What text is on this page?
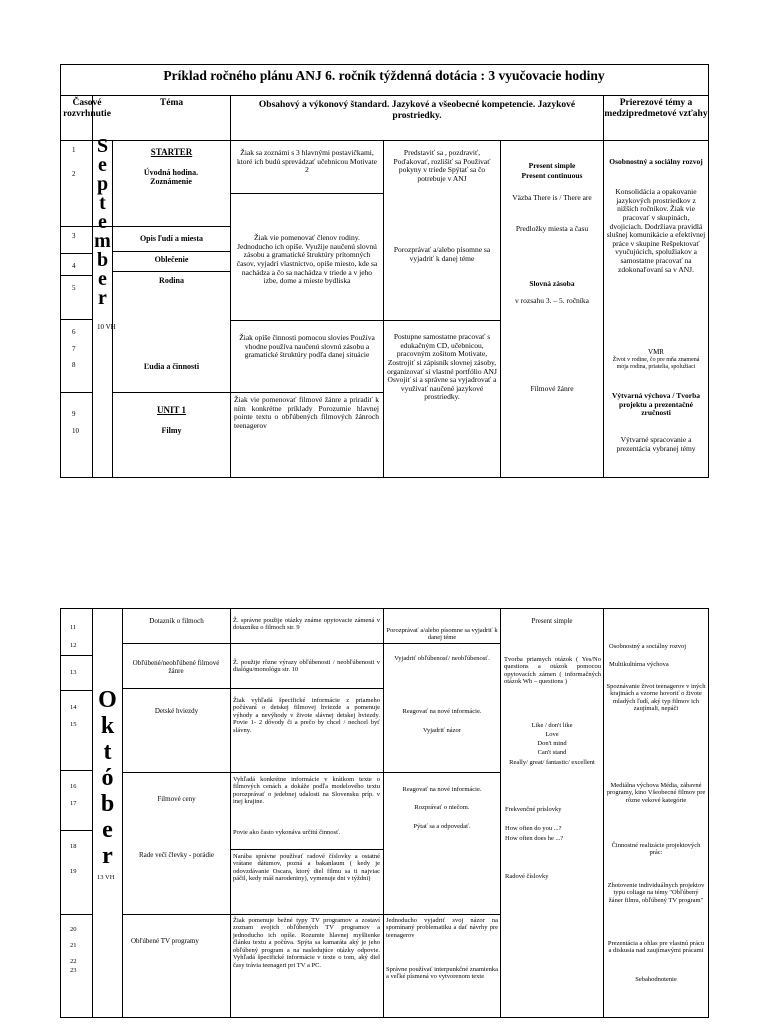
Príklad ročného plánu ANJ 6. ročník týždenná dotácia : 3 vyučovacie hodiny
Časové rozvrhnutie
Téma	Obsahový a výkonový štandard. Jazykové a všeobecné kompetencie. Jazykové prostriedky.
Prierezové témy a medzipredmetové vzťahy
1
2
3
4
5
6
7
8
9
10
S
e
p
t
e
m
b
e
r
10 VH
STARTER
Úvodná hodina. Zoznámenie
Opis ľudí a miesta
Oblečenie
Rodina
Ľudia a činnosti
UNIT 1
Filmy
Žiak sa zoznámi s 3 hlavnými postavičkami, ktoré ich budú sprevádzať učebnicou Motivate 2
Žiak vie pomenovať členov rodiny. Jednoducho ich opíše. Využije naučenú slovnú zásobu a gramatické štruktúry prítomných časov, vyjadrí vlastníctvo, opíše miesto, kde sa nachádza a čo sa nachádza v triede a v jeho izbe, dome a mieste bydliska
Žiak opíše činnosti pomocou slovies Používa vhodne používa naučenú slovnú zásobu a gramatické štruktúry podľa danej situácie
Žiak vie pomenovať filmové žánre a priradiť k ním konkrétne príklady Porozumie hlavnej pointe textu o obľúbených filmových žánroch teenagerov
Predstaviť sa , pozdraviť, Poďakovať, rozlišiť sa Použivať pokyny v triede Spýtať sa čo potrebuje v ANJ
Porozprávať a/alebo písomne sa vyjadriť k danej téme
Postupne samostatne pracovať s edukačným CD, učebnicou, pracovným zošitom Motivate, Zostrojiť si zápisník slovnej zásoby, organizovať si vlastné portfólio ANJ Osvojiť si a správne sa vyjadrovať a využívať naučené jazykové prostriedky.
Present simple
Present continuous
Väzba There is / There are
Predložky miesta a času
Slovná zásoba
v rozsahu 3. – 5. ročníka
Filmové žánre
Osobnostný a sociálny rozvoj
Konsolidácia a opakovanie jazykových prostriedkov z nižších ročníkov. Žiak vie pracovať v skupinách, dvojiciach. Dodržiava pravidlá slušnej komunikácie a efektívnej práce v skupine Rešpektovať vyučujúcich, spolužiakov a samostatne pracovať na zdokonaľovaní sa v ANJ.
VMR
Život v rodine, čo pre mňa znamená moja rodina, priatelia, spolužiaci
Výtvarná výchova / Tvorba projektu a prezentačné zručnosti
Výtvarné spracovanie a prezentácia vybranej témy
11
12
13
14
15
16
17
18
19
20
21
22
23
O
k
t
ó
b
e
r
13 VH
Dotazník o filmoch
Obľúbené/neobľúbené filmové žánre
Detské hviezdy
Filmové ceny
Rade večí člevky - porádie
Obľúbené TV programy
Ž. správne použije otázky známe opytovacie zámená v dotazníku o filmoch str. 9
Ž. použije rôzne výrazy obľúbenosti / neobľúbenosti v dialógu/monológu str. 10
Žiak vyhľadá špecifické informácie z priameho počúvaní o detskej filmovej hviezde a pomenuje výhody a nevýhody v živote slávnej detskej hviezdy. Povie 1- 2 dôvody či a prečo by chcel / nechcel byť slávny.
Vyhľadá konkrétne informácie v krátkom texte o filmových cenách a dokáže podľa modelového textu porozprávať o jedebnej udalosti na Slovensku príp. v inej krajine.
Povie ako často vykonáva určitú činnosť.
Narába správne používať radové číslovky a ostatné vrátane dátumov, pozná a bakanlaum ( kedy je odovzdávanie Oscara, ktorý diel filmu sa ti najviac páčil, kedy máš narodeniny), vymenuje dni v týždni)
Žiak pomenuje bežné typy TV programov a zostaví zoznam svojich obľúbených TV programov a jednoducho ich opíše. Rozumie hlavnej myšlienke článku textu a počúva. Spýta sa kamaráta aký je jeho obľúbený program a na nasledujúce otázky odpovie. Vyhľadá špecifické informácie v texte o tom, aký diel časy trávia teenageri pri TV a PC.
Porozprávať a/alebo písomne sa vyjadriť k danej téme
Vyjadriť obľúbenosť/ neobľúbenosť.
Reagovať na nové informácie.
Vyjadriť názor
Reagovať na nové informácie.
Rozprávať o niečom.
Pýtať sa a odpovedať.
Jednoducho vyjadriť svoj názor na spomínaný problematiku a dať návrhy pre teenagerov
Správne používať interpunkčné znamienka a veľké písmená vo vytvorenom texte
Present simple
Tvorba priamych otázok ( Yes/No questions a otázok pomocou opytovacích zámen ( informačných otázok Wh – questions )
Like / don't like
Love
Don't mind
Can't stand
Really/ great/ fantastic/ excellent
Frekvenčné príslovky
How often do you ...?
How often does he ...?
Radové číslovky
Osobnostný a sociálny rozvoj
Multikultúrna výchova
Spoznávanie život teenagerov v iných krajinách a vzorne hovoriť o živote mladých ľudí, aký typ filmov ich zaujímali, nepáči
Mediálna výchova Média, zábavné programy, kino Všeobecné filmov pre rôzne vekové kategórie
Činnostné realizácie projektových prác:
Zhotovenie individuálnych projektov typu coliage na témy "Obľúbený žáner filmu, obľúbený TV program"
Prezentácia a ohlas pre vlastnú prácu a diskusia nad zaujímavými prácami
Sebahodnotenie
